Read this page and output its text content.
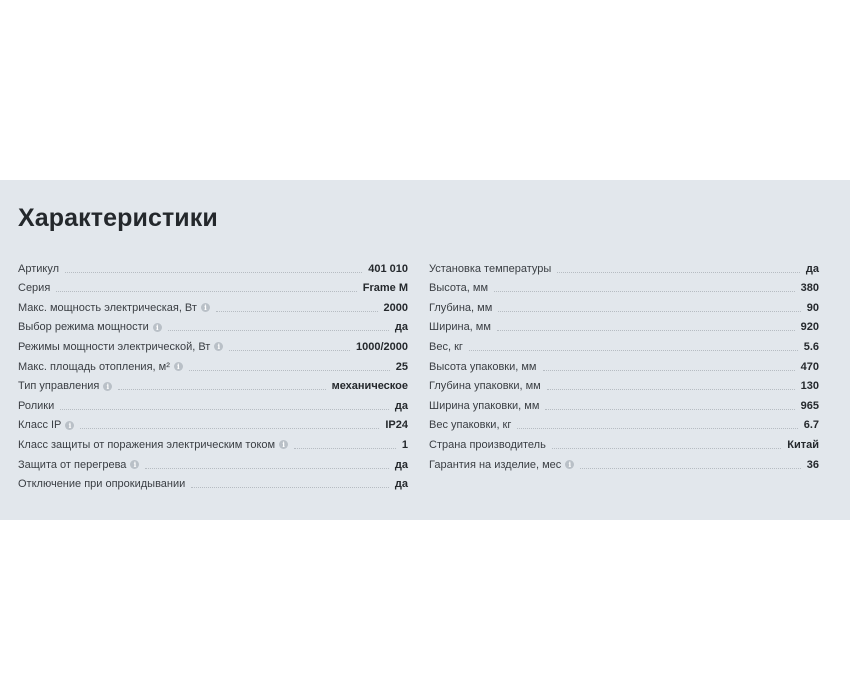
Характеристики
Артикул	401 010
Серия	Frame M
Макс. мощность электрическая, Вт	i	2000
Выбор режима мощности	i	да
Режимы мощности электрической, Вт	i	1000/2000
Макс. площадь отопления, м²	i	25
Тип управления	i	механическое
Ролики	да
Класс IP	i	IP24
Класс защиты от поражения электрическим током	i	1
Защита от перегрева	i	да
Отключение при опрокидывании	да
Установка температуры	да
Высота, мм	380
Глубина, мм	90
Ширина, мм	920
Вес, кг	5.6
Высота упаковки, мм	470
Глубина упаковки, мм	130
Ширина упаковки, мм	965
Вес упаковки, кг	6.7
Страна производитель	Китай
Гарантия на изделие, мес	i	36
